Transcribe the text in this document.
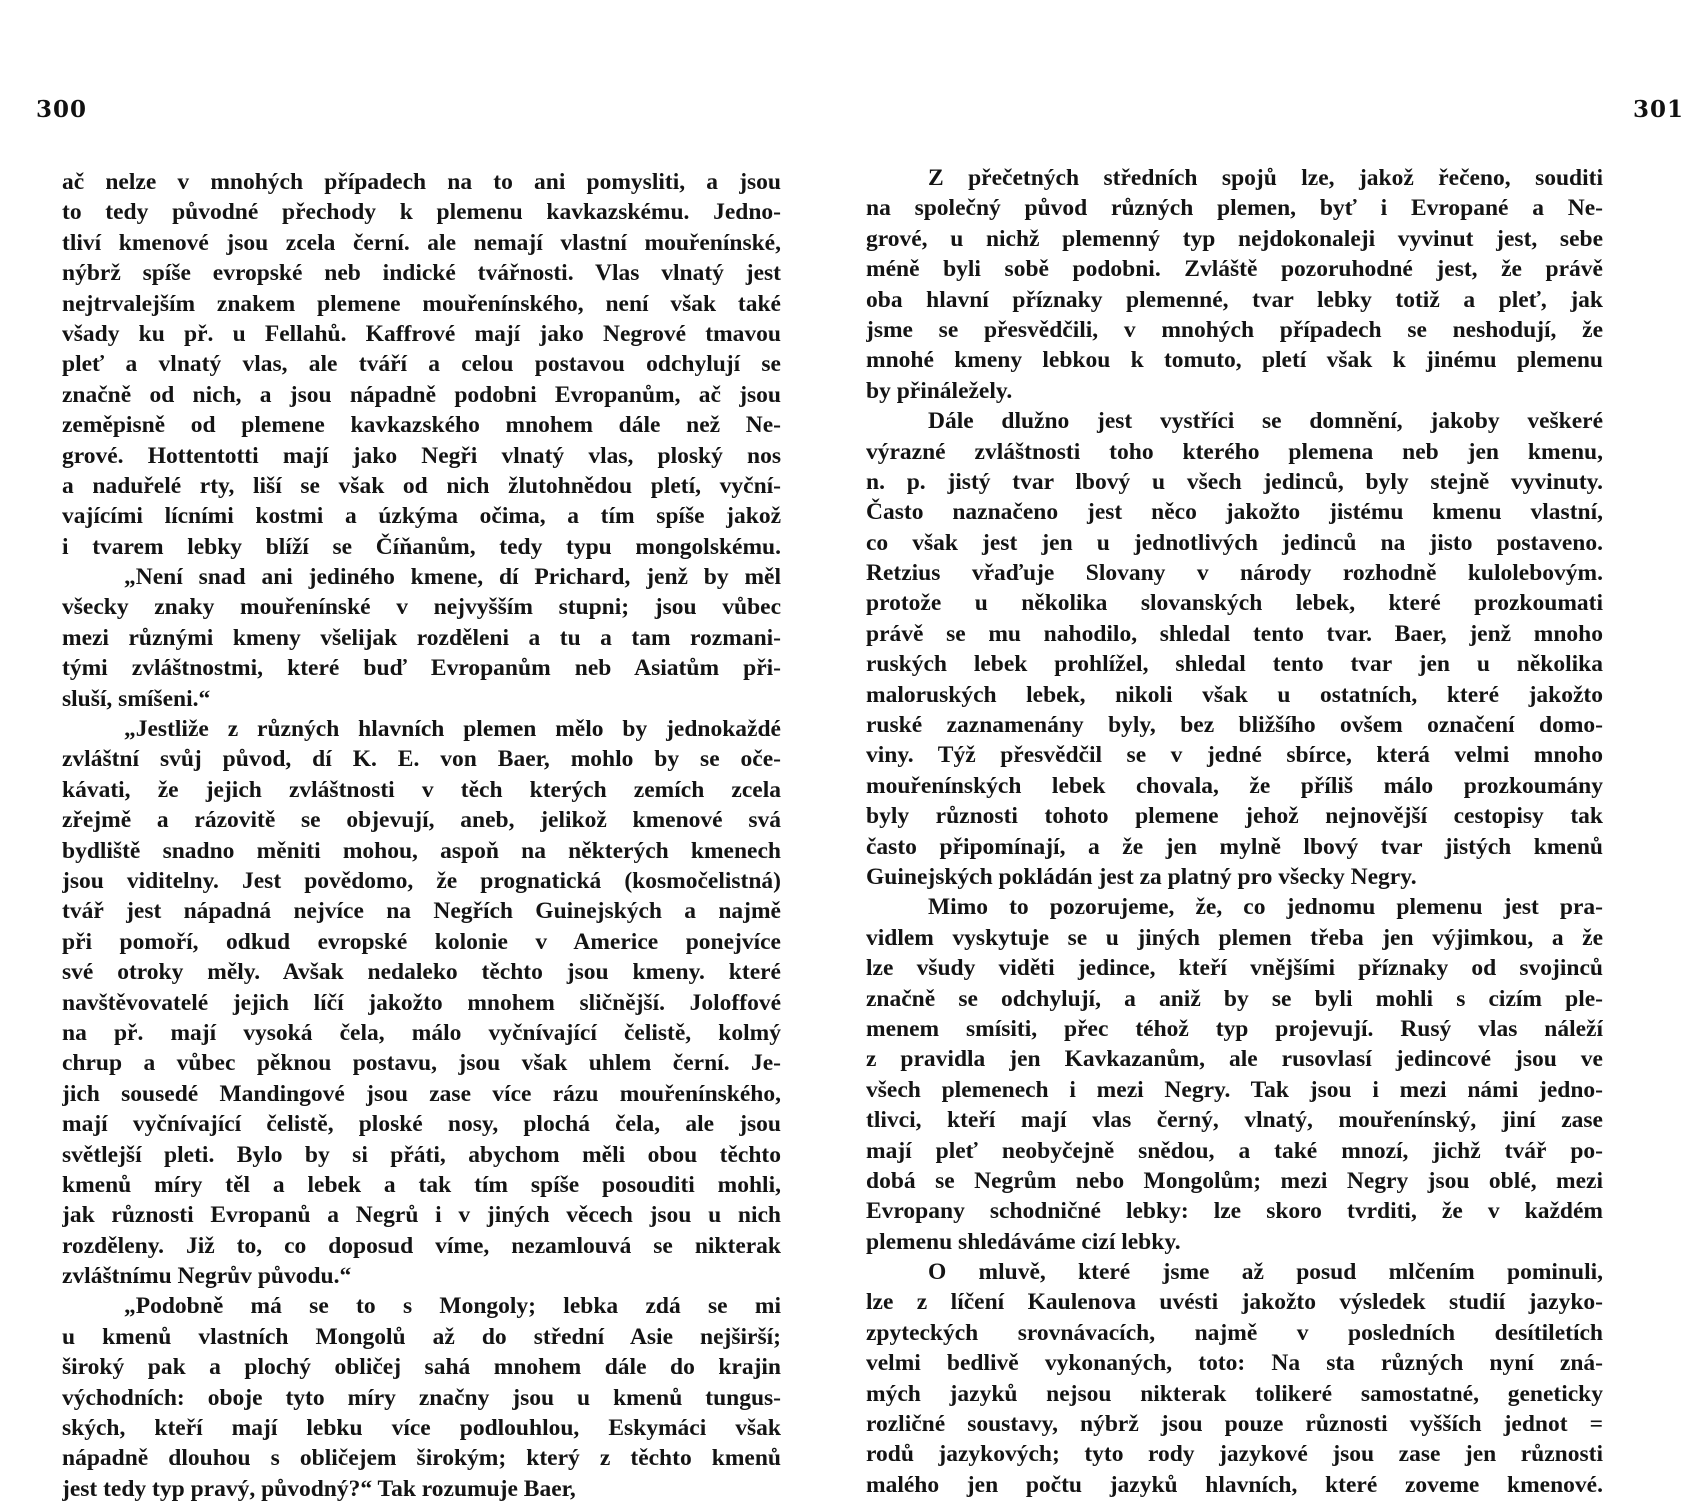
300
ač nelze v mnohých případech na to ani pomysliti, a jsou
to tedy původné přechody k plemenu kavkazskému. Jedno-
tliví kmenové jsou zcela černí. ale nemají vlastní mouřenínské,
nýbrž spíše evropské neb indické tvářnosti. Vlas vlnatý jest
nejtrvalejším znakem plemene mouřenínského, není však také
všady ku př. u Fellahů. Kaffrové mají jako Negrové tmavou
pleť a vlnatý vlas, ale tváří a celou postavou odchylují se
značně od nich, a jsou nápadně podobni Evropanům, ač jsou
zeměpisně od plemene kavkazského mnohem dále než Ne-
grové. Hottentotti mají jako Negři vlnatý vlas, ploský nos
a naduřelé rty, liší se však od nich žlutohnědou pletí, vyční-
vajícími lícními kostmi a úzkýma očima, a tím spíše jakož
i tvarem lebky blíží se Číňanům, tedy typu mongolskému.
„Není snad ani jediného kmene, dí Prichard, jenž by měl
všecky znaky mouřenínské v nejvyšším stupni; jsou vůbec
mezi různými kmeny všelijak rozděleni a tu a tam rozmani-
tými zvláštnostmi, které buď Evropanům neb Asiatům při-
sluší, smíšeni.“
„Jestliže z různých hlavních plemen mělo by jednokaždé
zvláštní svůj původ, dí K. E. von Baer, mohlo by se oče-
kávati, že jejich zvláštnosti v těch kterých zemích zcela
zřejmě a rázovitě se objevují, aneb, jelikož kmenové svá
bydliště snadno měniti mohou, aspoň na některých kmenech
jsou viditelny. Jest povědomo, že prognatická (kosmočelistná)
tvář jest nápadná nejvíce na Negřích Guinejských a najmě
při pomoří, odkud evropské kolonie v Americe ponejvíce
své otroky měly. Avšak nedaleko těchto jsou kmeny. které
navštěvovatelé jejich líčí jakožto mnohem sličnější. Joloffové
na př. mají vysoká čela, málo vyčnívající čelistě, kolmý
chrup a vůbec pěknou postavu, jsou však uhlem černí. Je-
jich sousedé Mandingové jsou zase více rázu mouřenínského,
mají vyčnívající čelistě, ploské nosy, plochá čela, ale jsou
světlejší pleti. Bylo by si přáti, abychom měli obou těchto
kmenů míry těl a lebek a tak tím spíše posouditi mohli,
jak různosti Evropanů a Negrů i v jiných věcech jsou u nich
rozděleny. Již to, co doposud víme, nezamlouvá se nikterak
zvláštnímu Negrův původu.“
„Podobně má se to s Mongoly; lebka zdá se mi
u kmenů vlastních Mongolů až do střední Asie nejširší;
široký pak a plochý obličej sahá mnohem dále do krajin
východních: oboje tyto míry značny jsou u kmenů tungus-
ských, kteří mají lebku více podlouhlou, Eskymáci však
nápadně dlouhou s obličejem širokým; který z těchto kmenů
jest tedy typ pravý, původný?“ Tak rozumuje Baer,
301
Z přečetných středních spojů lze, jakož řečeno, souditi
na společný původ různých plemen, byť i Evropané a Ne-
grové, u nichž plemenný typ nejdokonaleji vyvinut jest, sebe
méně byli sobě podobni. Zvláště pozoruhodné jest, že právě
oba hlavní příznaky plemenné, tvar lebky totiž a pleť, jak
jsme se přesvědčili, v mnohých případech se neshodují, že
mnohé kmeny lebkou k tomuto, pletí však k jinému plemenu
by přináležely.
Dále dlužno jest vystříci se domnění, jakoby veškeré
výrazné zvláštnosti toho kterého plemena neb jen kmenu,
n. p. jistý tvar lbový u všech jedinců, byly stejně vyvinuty.
Často naznačeno jest něco jakožto jistému kmenu vlastní,
co však jest jen u jednotlivých jedinců na jisto postaveno.
Retzius vřaďuje Slovany v národy rozhodně kulolebovým.
protože u několika slovanských lebek, které prozkoumati
právě se mu nahodilo, shledal tento tvar. Baer, jenž mnoho
ruských lebek prohlížel, shledal tento tvar jen u několika
maloruských lebek, nikoli však u ostatních, které jakožto
ruské zaznamenány byly, bez bližšího ovšem označení domo-
viny. Týž přesvědčil se v jedné sbírce, která velmi mnoho
mouřenínských lebek chovala, že příliš málo prozkoumány
byly různosti tohoto plemene jehož nejnovější cestopisy tak
často připomínají, a že jen mylně lbový tvar jistých kmenů
Guinejských pokládán jest za platný pro všecky Negry.
Mimo to pozorujeme, že, co jednomu plemenu jest pra-
vidlem vyskytuje se u jiných plemen třeba jen výjimkou, a že
lze všudy viděti jedince, kteří vnějšími příznaky od svojinců
značně se odchylují, a aniž by se byli mohli s cizím ple-
menem smísiti, přec téhož typ projevují. Rusý vlas náleží
z pravidla jen Kavkazanům, ale rusovlasí jedincové jsou ve
všech plemenech i mezi Negry. Tak jsou i mezi námi jedno-
tlivci, kteří mají vlas černý, vlnatý, mouřenínský, jiní zase
mají pleť neobyčejně snědou, a také mnozí, jichž tvář po-
dobá se Negrům nebo Mongolům; mezi Negry jsou oblé, mezi
Evropany schodničné lebky: lze skoro tvrditi, že v každém
plemenu shledáváme cizí lebky.
O mluvě, které jsme až posud mlčením pominuli,
lze z líčení Kaulenova uvésti jakožto výsledek studií jazyko-
zpyteckých srovnávacích, najmě v posledních desítiletích
velmi bedlivě vykonaných, toto: Na sta různých nyní zná-
mých jazyků nejsou nikterak tolikeré samostatné, geneticky
rozličné soustavy, nýbrž jsou pouze různosti vyšších jednot =
rodů jazykových; tyto rody jazykové jsou zase jen různosti
malého jen počtu jazyků hlavních, které zoveme kmenové.
